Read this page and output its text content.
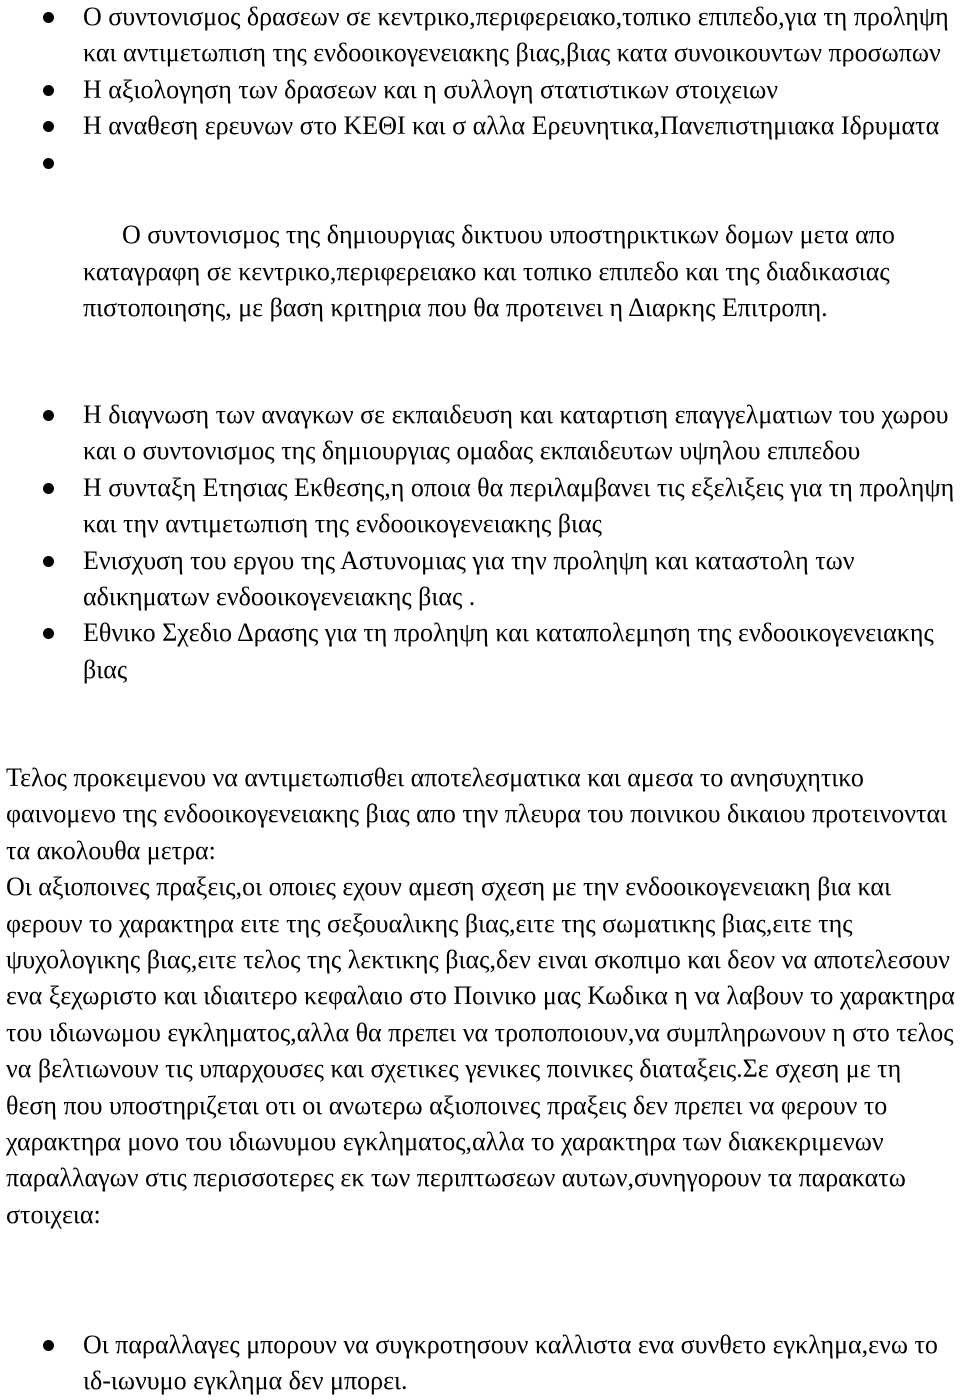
Ο συντονισμος δρασεων σε κεντρικο,περιφερειακο,τοπικο επιπεδο,για τη προληψη και αντιμετωπιση της ενδοοικογενειακης βιας,βιας κατα συνοικουντων προσωπων
Η αξιολογηση των δρασεων και η συλλογη στατιστικων στοιχειων
Η αναθεση ερευνων στο ΚΕΘΙ και σ αλλα Ερευνητικα,Πανεπιστημιακα Ιδρυματα

Ο συντονισμος της δημιουργιας δικτυου υποστηρικτικων δομων μετα απο    καταγραφη σε κεντρικο,περιφερειακο και τοπικο επιπεδο και της διαδικασιας πιστοποιησης, με βαση κριτηρια που θα προτεινει η Διαρκης Επιτροπη.

Η διαγνωση των αναγκων σε εκπαιδευση και καταρτιση επαγγελματιων του χωρου και ο συντονισμος της δημιουργιας ομαδας εκπαιδευτων υψηλου επιπεδου
Η συνταξη Ετησιας Εκθεσης,η οποια θα περιλαμβανει τις εξελιξεις για τη προληψη και την αντιμετωπιση της ενδοοικογενειακης βιας
Ενισχυση του εργου της Αστυνομιας για την προληψη και καταστολη των αδικηματων ενδοοικογενειακης βιας .
Εθνικο Σχεδιο Δρασης για τη προληψη και καταπολεμηση της ενδοοικογενειακης βιας

Τελος προκειμενου να αντιμετωπισθει αποτελεσματικα και αμεσα το ανησυχητικο φαινομενο της ενδοοικογενειακης βιας απο την πλευρα του ποινικου δικαιου προτεινονται τα ακολουθα μετρα:

Οι αξιοποινες πραξεις,οι οποιες εχουν αμεση σχεση με την ενδοοικογενειακη βια και φερουν το χαρακτηρα ειτε της σεξουαλικης βιας,ειτε της σωματικης βιας,ειτε της ψυχολογικης βιας,ειτε τελος της λεκτικης βιας,δεν ειναι σκοπιμο και δεον να αποτελεσουν ενα ξεχωριστο και ιδιαιτερο κεφαλαιο στο Ποινικο μας Κωδικα η να λαβουν το χαρακτηρα του ιδιωνωμου εγκληματος,αλλα θα πρεπει να τροποποιουν,να συμπληρωνουν η στο τελος να βελτιωνουν τις υπαρχουσες και σχετικες γενικες ποινικες διαταξεις.Σε σχεση με τη θεση που υποστηριζεται οτι οι ανωτερω αξιοποινες πραξεις δεν πρεπει να φερουν το χαρακτηρα μονο του ιδιωνυμου εγκληματος,αλλα το χαρακτηρα των διακεκριμενων παραλλαγων στις περισσοτερες εκ των περιπτωσεων αυτων,συνηγορουν τα παρακατω στοιχεια:

Οι παραλλαγες μπορουν να συγκροτησουν καλλιστα ενα συνθετο εγκλημα,ενω το ιδ-ιωνυμο εγκλημα δεν μπορει.
